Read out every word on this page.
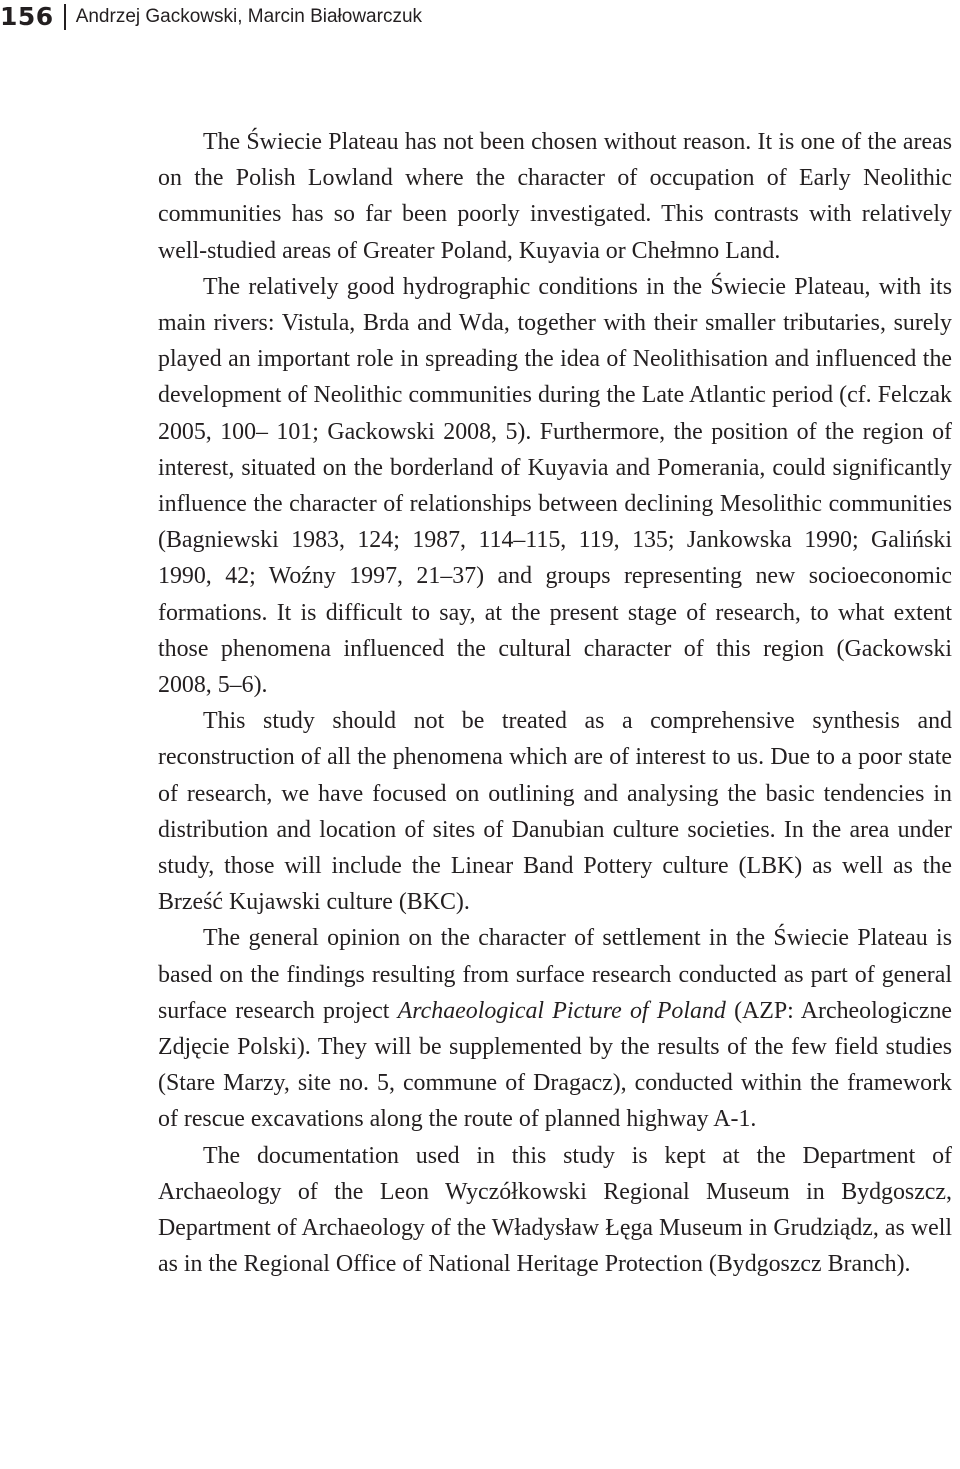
156	Andrzej Gackowski, Marcin Białowarczuk

The Świecie Plateau has not been chosen without reason. It is one of the areas on the Polish Lowland where the character of occupation of Early Neolithic communities has so far been poorly investigated. This contrasts with relatively well-studied areas of Greater Poland, Kuyavia or Chełmno Land.

The relatively good hydrographic conditions in the Świecie Plateau, with its main rivers: Vistula, Brda and Wda, together with their smaller tributaries, surely played an important role in spreading the idea of Neolithisation and influenced the development of Neolithic communities during the Late Atlantic period (cf. Felczak 2005, 100– 101; Gackowski 2008, 5). Furthermore, the position of the region of interest, situated on the borderland of Kuyavia and Pomerania, could significantly influence the character of relationships between declining Mesolithic communities (Bagniewski 1983, 124; 1987, 114–115, 119, 135; Jankowska 1990; Galiński 1990, 42; Woźny 1997, 21–37) and groups representing new socioeconomic formations. It is difficult to say, at the present stage of research, to what extent those phenomena influenced the cultural character of this region (Gackowski 2008, 5–6).

This study should not be treated as a comprehensive synthesis and reconstruction of all the phenomena which are of interest to us. Due to a poor state of research, we have focused on outlining and analysing the basic tendencies in distribution and location of sites of Danubian culture societies. In the area under study, those will include the Linear Band Pottery culture (LBK) as well as the Brześć Kujawski culture (BKC).

The general opinion on the character of settlement in the Świecie Plateau is based on the findings resulting from surface research conducted as part of general surface research project Archaeological Picture of Poland (AZP: Archeologiczne Zdjęcie Polski). They will be supplemented by the results of the few field studies (Stare Marzy, site no. 5, commune of Dragacz), conducted within the framework of rescue excavations along the route of planned highway A-1.

The documentation used in this study is kept at the Department of Archaeology of the Leon Wyczółkowski Regional Museum in Bydgoszcz, Department of Archaeology of the Władysław Łęga Museum in Grudziądz, as well as in the Regional Office of National Heritage Protection (Bydgoszcz Branch).
